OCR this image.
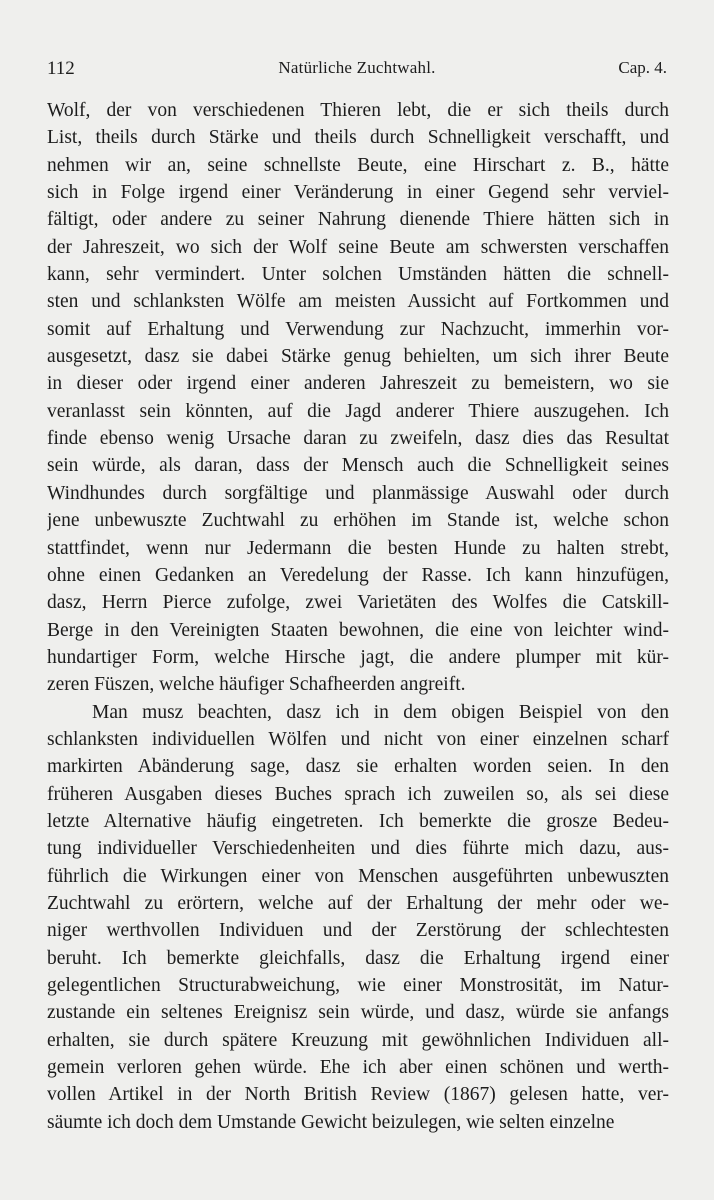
112	Natürliche Zuchtwahl.	Cap. 4.
Wolf, der von verschiedenen Thieren lebt, die er sich theils durch
List, theils durch Stärke und theils durch Schnelligkeit verschafft, und
nehmen wir an, seine schnellste Beute, eine Hirschart z. B., hätte
sich in Folge irgend einer Veränderung in einer Gegend sehr verviel-
fältigt, oder andere zu seiner Nahrung dienende Thiere hätten sich in
der Jahreszeit, wo sich der Wolf seine Beute am schwersten verschaffen
kann, sehr vermindert. Unter solchen Umständen hätten die schnell-
sten und schlanksten Wölfe am meisten Aussicht auf Fortkommen und
somit auf Erhaltung und Verwendung zur Nachzucht, immerhin vor-
ausgesetzt, dasz sie dabei Stärke genug behielten, um sich ihrer Beute
in dieser oder irgend einer anderen Jahreszeit zu bemeistern, wo sie
veranlasst sein könnten, auf die Jagd anderer Thiere auszugehen. Ich
finde ebenso wenig Ursache daran zu zweifeln, dasz dies das Resultat
sein würde, als daran, dass der Mensch auch die Schnelligkeit seines
Windhundes durch sorgfältige und planmässige Auswahl oder durch
jene unbewuszte Zuchtwahl zu erhöhen im Stande ist, welche schon
stattfindet, wenn nur Jedermann die besten Hunde zu halten strebt,
ohne einen Gedanken an Veredelung der Rasse. Ich kann hinzufügen,
dasz, Herrn Pierce zufolge, zwei Varietäten des Wolfes die Catskill-
Berge in den Vereinigten Staaten bewohnen, die eine von leichter wind-
hundartiger Form, welche Hirsche jagt, die andere plumper mit kür-
zeren Füszen, welche häufiger Schafheerden angreift.
Man musz beachten, dasz ich in dem obigen Beispiel von den
schlanksten individuellen Wölfen und nicht von einer einzelnen scharf
markirten Abänderung sage, dasz sie erhalten worden seien. In den
früheren Ausgaben dieses Buches sprach ich zuweilen so, als sei diese
letzte Alternative häufig eingetreten. Ich bemerkte die grosze Bedeu-
tung individueller Verschiedenheiten und dies führte mich dazu, aus-
führlich die Wirkungen einer von Menschen ausgeführten unbewuszten
Zuchtwahl zu erörtern, welche auf der Erhaltung der mehr oder we-
niger werthvollen Individuen und der Zerstörung der schlechtesten
beruht. Ich bemerkte gleichfalls, dasz die Erhaltung irgend einer
gelegentlichen Structurabweichung, wie einer Monstrosität, im Natur-
zustande ein seltenes Ereignisz sein würde, und dasz, würde sie anfangs
erhalten, sie durch spätere Kreuzung mit gewöhnlichen Individuen all-
gemein verloren gehen würde. Ehe ich aber einen schönen und werth-
vollen Artikel in der North British Review (1867) gelesen hatte, ver-
säumte ich doch dem Umstande Gewicht beizulegen, wie selten einzelne
